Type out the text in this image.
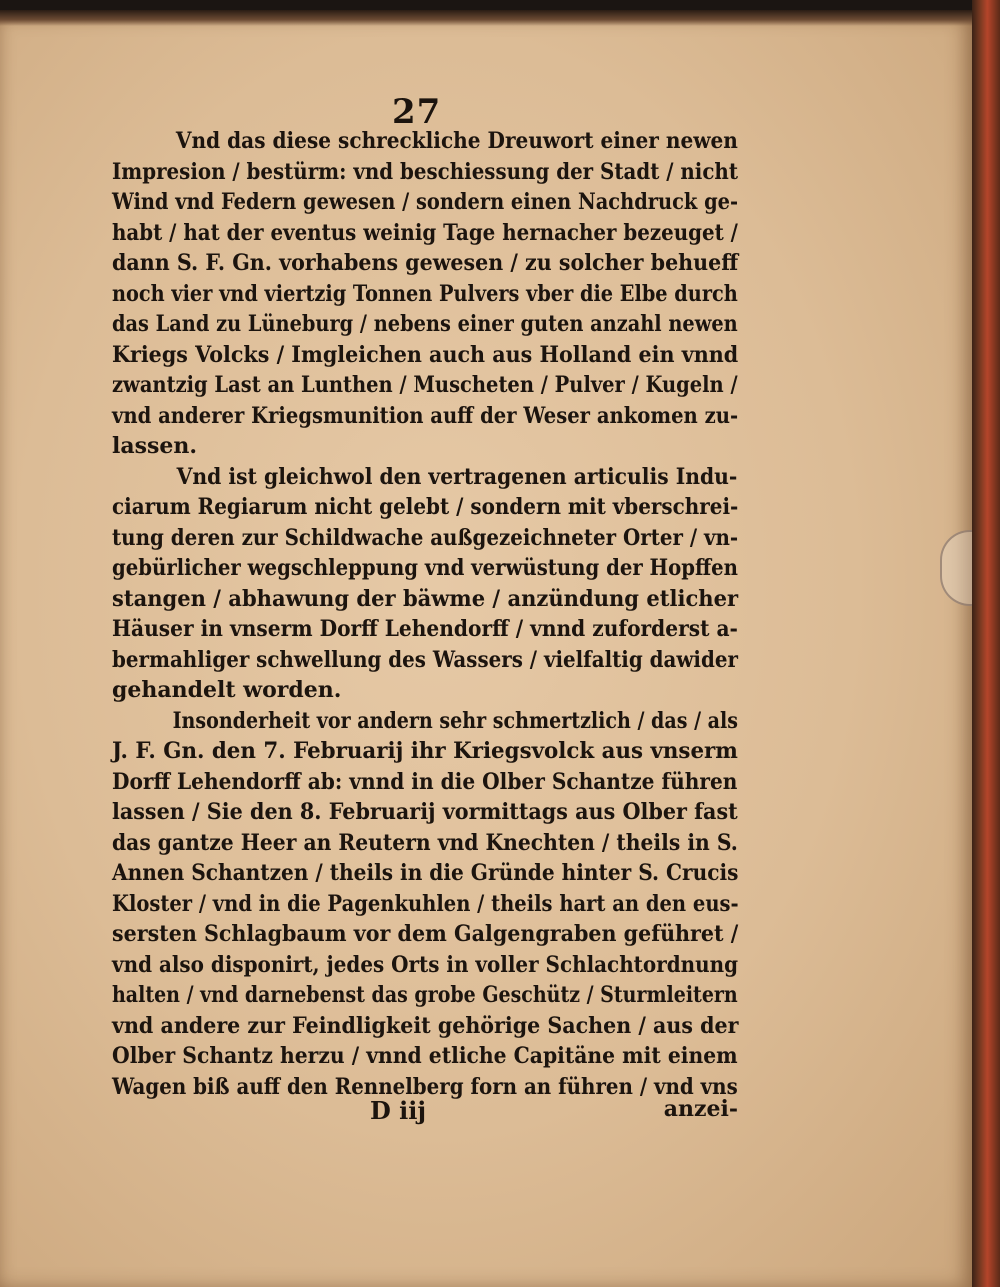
27
Vnd das diese schreckliche Dreuwort einer newen
Impresion / bestürm: vnd beschiessung der Stadt / nicht
Wind vnd Federn gewesen / sondern einen Nachdruck ge-
habt / hat der eventus weinig Tage hernacher bezeuget /
dann S. F. Gn. vorhabens gewesen / zu solcher behueff
noch vier vnd viertzig Tonnen Pulvers vber die Elbe durch
das Land zu Lüneburg / nebens einer guten anzahl newen
Kriegs Volcks / Imgleichen auch aus Holland ein vnnd
zwantzig Last an Lunthen / Muscheten / Pulver / Kugeln /
vnd anderer Kriegsmunition auff der Weser ankomen zu-
lassen.
Vnd ist gleichwol den vertragenen articulis Indu-
ciarum Regiarum nicht gelebt / sondern mit vberschrei-
tung deren zur Schildwache außgezeichneter Orter / vn-
gebürlicher wegschleppung vnd verwüstung der Hopffen
stangen / abhawung der bäwme / anzündung etlicher
Häuser in vnserm Dorff Lehendorff / vnnd zuforderst a-
bermahliger schwellung des Wassers / vielfaltig dawider
gehandelt worden.
Insonderheit vor andern sehr schmertzlich / das / als
J. F. Gn. den 7. Februarij ihr Kriegsvolck aus vnserm
Dorff Lehendorff ab: vnnd in die Olber Schantze führen
lassen / Sie den 8. Februarij vormittags aus Olber fast
das gantze Heer an Reutern vnd Knechten / theils in S.
Annen Schantzen / theils in die Gründe hinter S. Crucis
Kloster / vnd in die Pagenkuhlen / theils hart an den eus-
sersten Schlagbaum vor dem Galgengraben geführet /
vnd also disponirt, jedes Orts in voller Schlachtordnung
halten / vnd darnebenst das grobe Geschütz / Sturmleitern
vnd andere zur Feindligkeit gehörige Sachen / aus der
Olber Schantz herzu / vnnd etliche Capitäne mit einem
Wagen biß auff den Rennelberg forn an führen / vnd vns
D iij	anzei-
